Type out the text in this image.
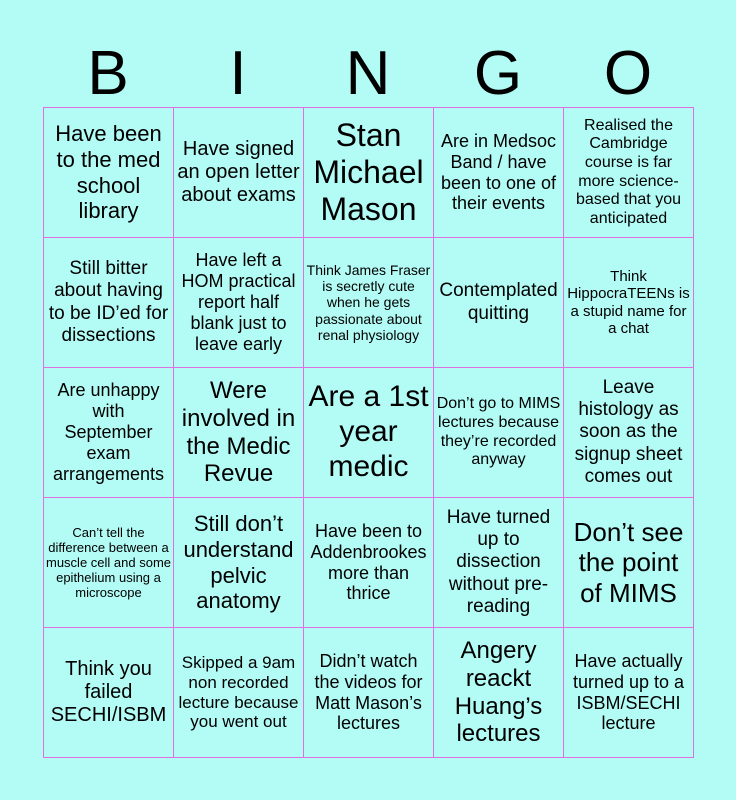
B	I	N	G	O
Have been to the med school library
Have signed an open letter about exams
Stan Michael Mason
Are in Medsoc Band / have been to one of their events
Realised the Cambridge course is far more science-based that you anticipated
Still bitter about having to be ID’ed for dissections
Have left a HOM practical report half blank just to leave early
Think James Fraser is secretly cute when he gets passionate about renal physiology
Contemplated quitting
Think HippocraTEENs is a stupid name for a chat
Are unhappy with September exam arrangements
Were involved in the Medic Revue
Are a 1st year medic
Don’t go to MIMS lectures because they’re recorded anyway
Leave histology as soon as the signup sheet comes out
Can’t tell the difference between a muscle cell and some epithelium using a microscope
Still don’t understand pelvic anatomy
Have been to Addenbrookes more than thrice
Have turned up to dissection without pre-reading
Don’t see the point of MIMS
Think you failed SECHI/ISBM
Skipped a 9am non recorded lecture because you went out
Didn’t watch the videos for Matt Mason’s lectures
Angery reackt Huang’s lectures
Have actually turned up to a ISBM/SECHI lecture
